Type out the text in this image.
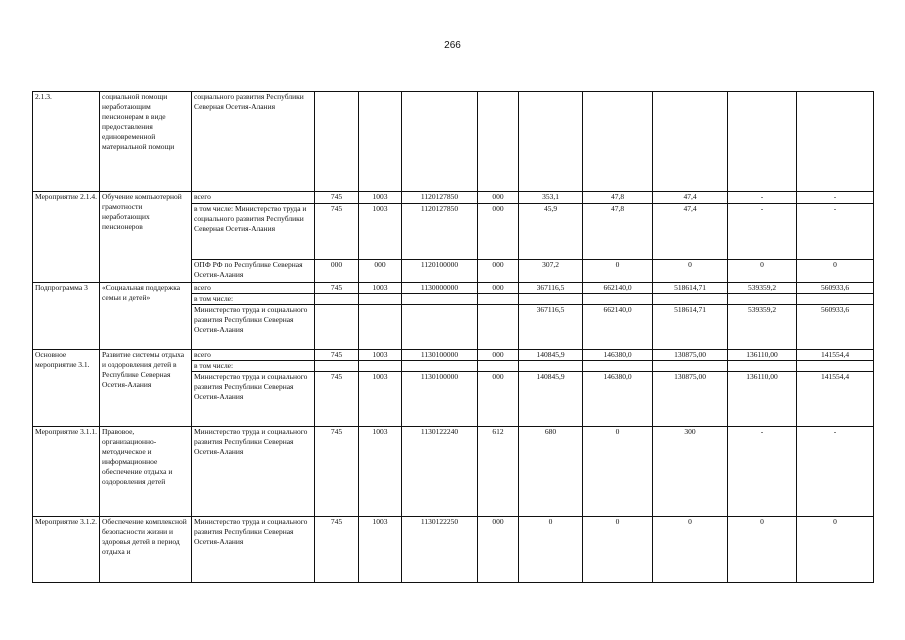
266
2.1.3.	социальной помощи неработающим пенсионерам в виде предоставления единовременной материальной помощи	социального развития Республики Северная Осетия-Алания									
Мероприятие 2.1.4.	Обучение компьютерной грамотности неработающих пенсионеров	всего	745	1003	1120127850	000	353,1	47,8	47,4	-	-
		в том числе: Министерство труда и социального развития Республики Северная Осетия-Алания	745	1003	1120127850	000	45,9	47,8	47,4	-	-
		ОПФ РФ по Республике Северная Осетия-Алания	000	000	1120100000	000	307,2	0	0	0	0
Подпрограмма 3	«Социальная поддержка семьи и детей»	всего	745	1003	1130000000	000	367116,5	662140,0	518614,71	539359,2	560933,6
		в том числе:									
		Министерство труда и социального развития Республики Северная Осетия-Алания					367116,5	662140,0	518614,71	539359,2	560933,6
Основное мероприятие 3.1.	Развитие системы отдыха и оздоровления детей в Республике Северная Осетия-Алания	всего	745	1003	1130100000	000	140845,9	146380,0	130875,00	136110,00	141554,4
		в том числе:									
		Министерство труда и социального развития Республики Северная Осетия-Алания	745	1003	1130100000	000	140845,9	146380,0	130875,00	136110,00	141554,4
Мероприятие 3.1.1.	Правовое, организационно-методическое и информационное обеспечение отдыха и оздоровления детей	Министерство труда и социального развития Республики Северная Осетия-Алания	745	1003	1130122240	612	680	0	300	-	-
Мероприятие 3.1.2.	Обеспечение комплексной безопасности жизни и здоровья детей в период отдыха и	Министерство труда и социального развития Республики Северная Осетия-Алания	745	1003	1130122250	000	0	0	0	0	0
